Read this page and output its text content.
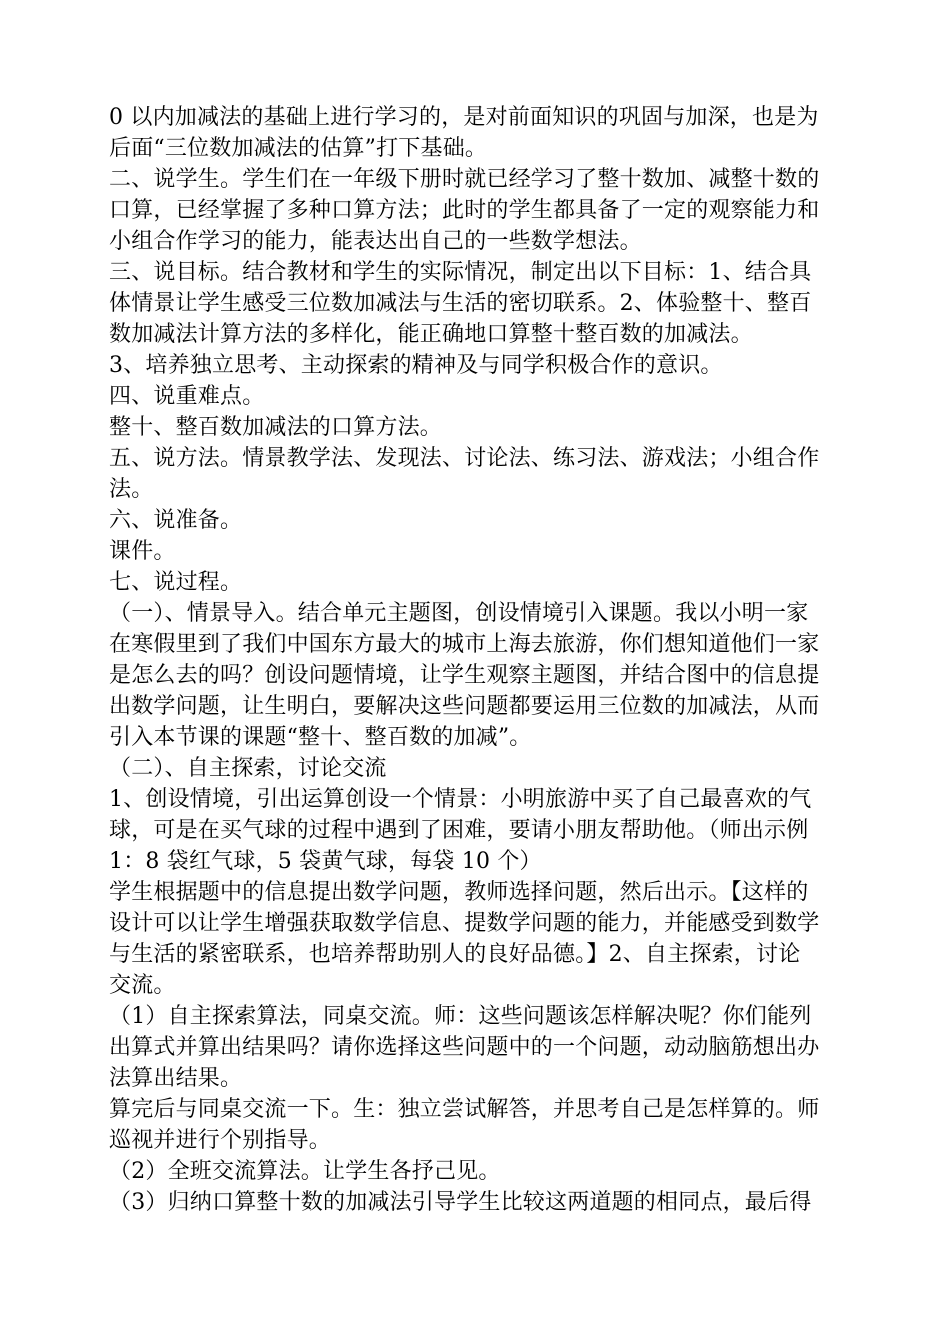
0 以内加减法的基础上进行学习的，是对前面知识的巩固与加深，也是为
后面“三位数加减法的估算”打下基础。
二、说学生。学生们在一年级下册时就已经学习了整十数加、减整十数的
口算，已经掌握了多种口算方法；此时的学生都具备了一定的观察能力和
小组合作学习的能力，能表达出自己的一些数学想法。
三、说目标。结合教材和学生的实际情况，制定出以下目标：1、结合具
体情景让学生感受三位数加减法与生活的密切联系。2、体验整十、整百
数加减法计算方法的多样化，能正确地口算整十整百数的加减法。
3、培养独立思考、主动探索的精神及与同学积极合作的意识。
四、说重难点。
整十、整百数加减法的口算方法。
五、说方法。情景教学法、发现法、讨论法、练习法、游戏法；小组合作
法。
六、说准备。
课件。
七、说过程。
（一）、情景导入。结合单元主题图，创设情境引入课题。我以小明一家
在寒假里到了我们中国东方最大的城市上海去旅游，你们想知道他们一家
是怎么去的吗？创设问题情境，让学生观察主题图，并结合图中的信息提
出数学问题，让生明白，要解决这些问题都要运用三位数的加减法，从而
引入本节课的课题“整十、整百数的加减”。
（二）、自主探索，讨论交流
1、创设情境，引出运算创设一个情景：小明旅游中买了自己最喜欢的气
球，可是在买气球的过程中遇到了困难，要请小朋友帮助他。（师出示例
1：8 袋红气球，5 袋黄气球，每袋 10 个）
学生根据题中的信息提出数学问题，教师选择问题，然后出示。【这样的
设计可以让学生增强获取数学信息、提数学问题的能力，并能感受到数学
与生活的紧密联系，也培养帮助别人的良好品德。】2、自主探索，讨论
交流。
（1）自主探索算法，同桌交流。师：这些问题该怎样解决呢？你们能列
出算式并算出结果吗？请你选择这些问题中的一个问题，动动脑筋想出办
法算出结果。
算完后与同桌交流一下。生：独立尝试解答，并思考自己是怎样算的。师
巡视并进行个别指导。
（2）全班交流算法。让学生各抒己见。
（3）归纳口算整十数的加减法引导学生比较这两道题的相同点，最后得
